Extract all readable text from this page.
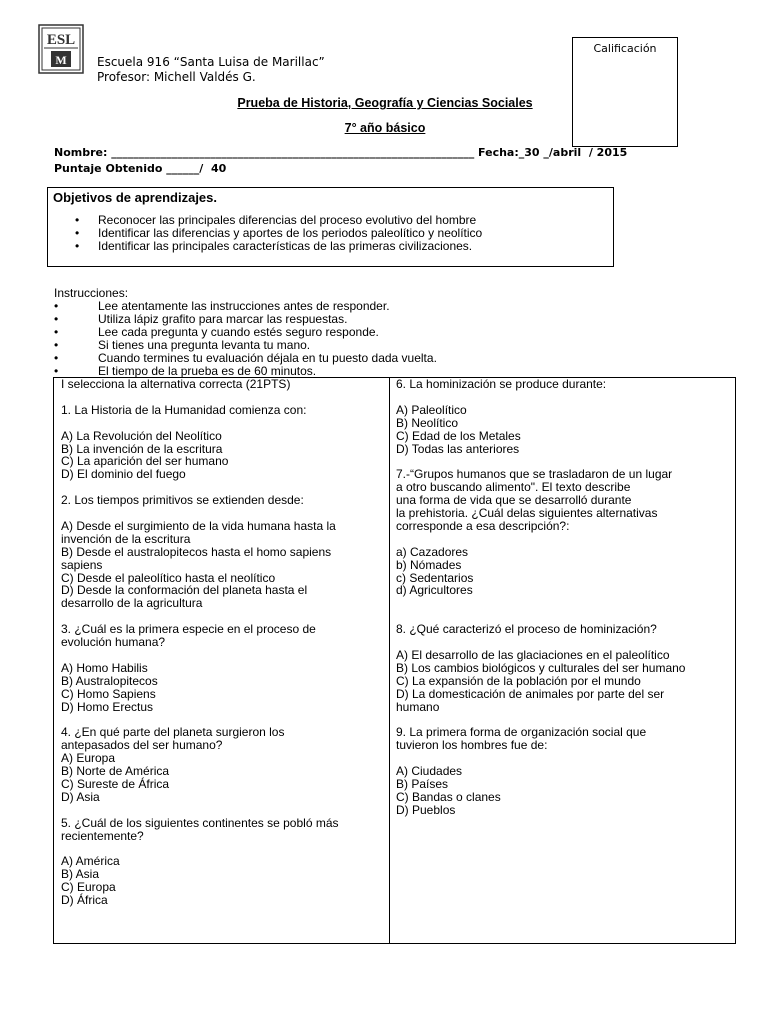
ESL
M	Escuela 916 “Santa Luisa de Marillac”
Profesor: Michell Valdés G.
Calificación
Prueba de Historia, Geografía y Ciencias Sociales
7° año básico
Nombre: __________________________________________________________________ Fecha:_30 _/abril  / 2015
Puntaje Obtenido ______/  40
Objetivos de aprendizajes.
• Reconocer las principales diferencias del proceso evolutivo del hombre
• Identificar las diferencias y aportes de los periodos paleolítico y neolítico
• Identificar las principales características de las primeras civilizaciones.
Instrucciones:
• Lee atentamente las instrucciones antes de responder.
• Utiliza lápiz grafito para marcar las respuestas.
• Lee cada pregunta y cuando estés seguro responde.
• Si tienes una pregunta levanta tu mano.
• Cuando termines tu evaluación déjala en tu puesto dada vuelta.
• El tiempo de la prueba es de 60 minutos.
I selecciona la alternativa correcta (21PTS)
1. La Historia de la Humanidad comienza con:
A) La Revolución del Neolítico
B) La invención de la escritura
C) La aparición del ser humano
D) El dominio del fuego
2. Los tiempos primitivos se extienden desde:
A) Desde el surgimiento de la vida humana hasta la
invención de la escritura
B) Desde el australopitecos hasta el homo sapiens
sapiens
C) Desde el paleolítico hasta el neolítico
D) Desde la conformación del planeta hasta el
desarrollo de la agricultura
3. ¿Cuál es la primera especie en el proceso de
evolución humana?
A) Homo Habilis
B) Australopitecos
C) Homo Sapiens
D) Homo Erectus
4. ¿En qué parte del planeta surgieron los
antepasados del ser humano?
A) Europa
B) Norte de América
C) Sureste de África
D) Asia
5. ¿Cuál de los siguientes continentes se pobló más
recientemente?
A) América
B) Asia
C) Europa
D) África
6. La hominización se produce durante:
A) Paleolítico
B) Neolítico
C) Edad de los Metales
D) Todas las anteriores
7.-“Grupos humanos que se trasladaron de un lugar
a otro buscando alimento". El texto describe
una forma de vida que se desarrolló durante
la prehistoria. ¿Cuál delas siguientes alternativas
corresponde a esa descripción?:
a) Cazadores
b) Nómades
c) Sedentarios
d) Agricultores
8. ¿Qué caracterizó el proceso de hominización?
A) El desarrollo de las glaciaciones en el paleolítico
B) Los cambios biológicos y culturales del ser humano
C) La expansión de la población por el mundo
D) La domesticación de animales por parte del ser
humano
9. La primera forma de organización social que
tuvieron los hombres fue de:
A) Ciudades
B) Países
C) Bandas o clanes
D) Pueblos
